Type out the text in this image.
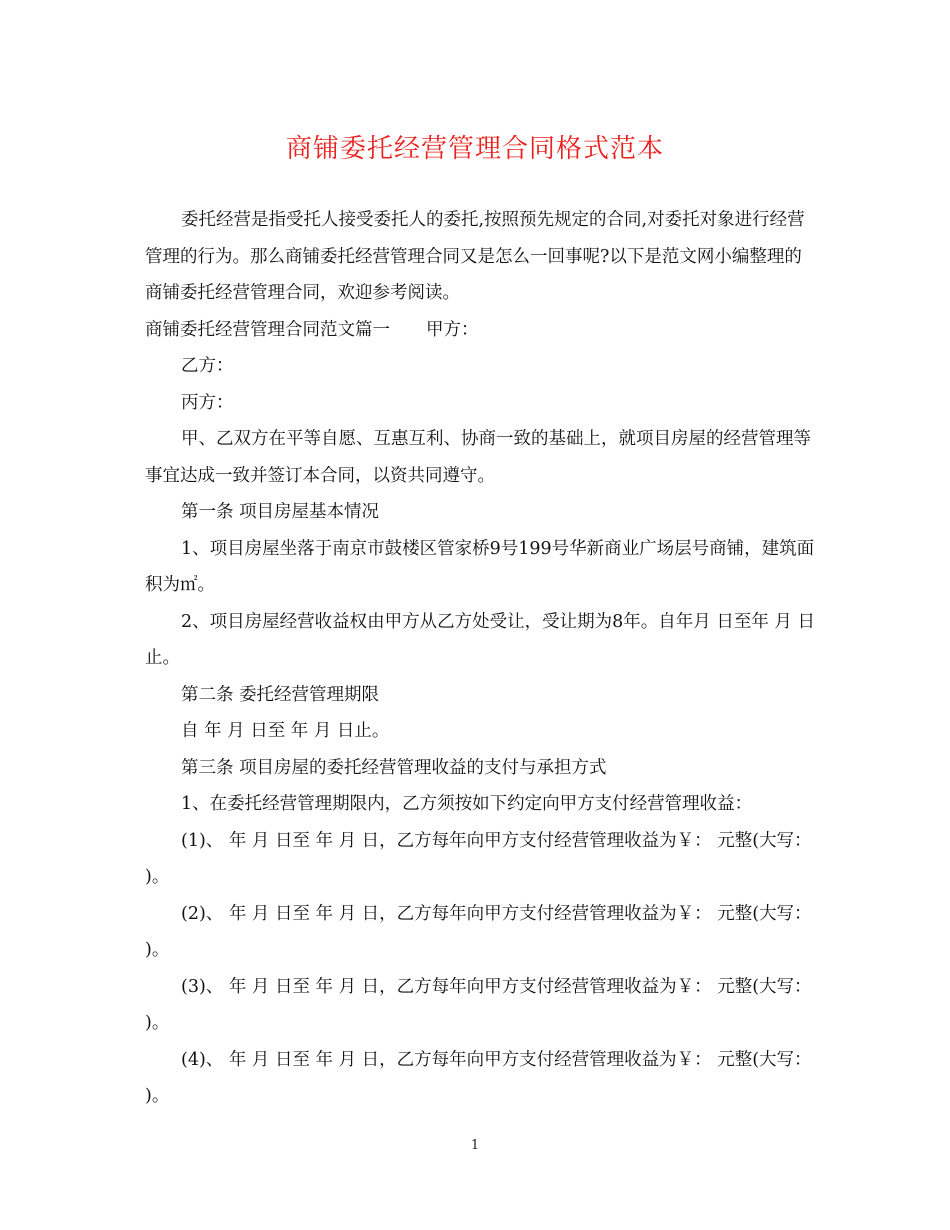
商铺委托经营管理合同格式范本

委托经营是指受托人接受委托人的委托,按照预先规定的合同,对委托对象进行经营管理的行为。那么商铺委托经营管理合同又是怎么一回事呢?以下是范文网小编整理的商铺委托经营管理合同，欢迎参考阅读。

商铺委托经营管理合同范文篇一 甲方：

乙方：

丙方：

甲、乙双方在平等自愿、互惠互利、协商一致的基础上，就项目房屋的经营管理等事宜达成一致并签订本合同，以资共同遵守。

第一条 项目房屋基本情况

1、项目房屋坐落于南京市鼓楼区管家桥9号199号华新商业广场层号商铺，建筑面积为㎡。

2、项目房屋经营收益权由甲方从乙方处受让，受让期为8年。自年月 日至年 月 日止。

第二条 委托经营管理期限

自 年 月 日至 年 月 日止。

第三条 项目房屋的委托经营管理收益的支付与承担方式

1、在委托经营管理期限内，乙方须按如下约定向甲方支付经营管理收益：

(1)、 年 月 日至 年 月 日，乙方每年向甲方支付经营管理收益为￥： 元整(大写： )。

(2)、 年 月 日至 年 月 日，乙方每年向甲方支付经营管理收益为￥： 元整(大写： )。

(3)、 年 月 日至 年 月 日，乙方每年向甲方支付经营管理收益为￥： 元整(大写： )。

(4)、 年 月 日至 年 月 日，乙方每年向甲方支付经营管理收益为￥： 元整(大写： )。

1
